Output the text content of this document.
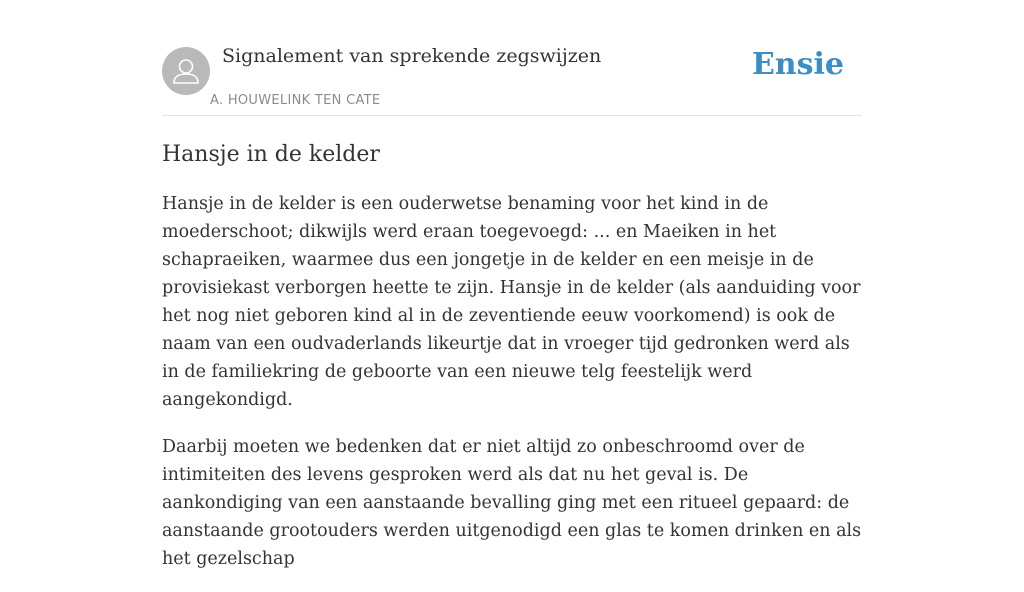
Signalement van sprekende zegswijzen
A. HOUWELINK TEN CATE
Ensie
Hansje in de kelder

Hansje in de kelder is een ouderwetse benaming voor het kind in de moederschoot; dikwijls werd eraan toegevoegd: ... en Maeiken in het schapraeiken, waarmee dus een jongetje in de kelder en een meisje in de provisiekast verborgen heette te zijn. Hansje in de kelder (als aanduiding voor het nog niet geboren kind al in de zeventiende eeuw voorkomend) is ook de naam van een oudvaderlands likeurtje dat in vroeger tijd gedronken werd als in de familiekring de geboorte van een nieuwe telg feestelijk werd aangekondigd.

Daarbij moeten we bedenken dat er niet altijd zo onbeschroomd over de intimiteiten des levens gesproken werd als dat nu het geval is. De aankondiging van een aanstaande bevalling ging met een ritueel gepaard: de aanstaande grootouders werden uitgenodigd een glas te komen drinken en als het gezelschap
